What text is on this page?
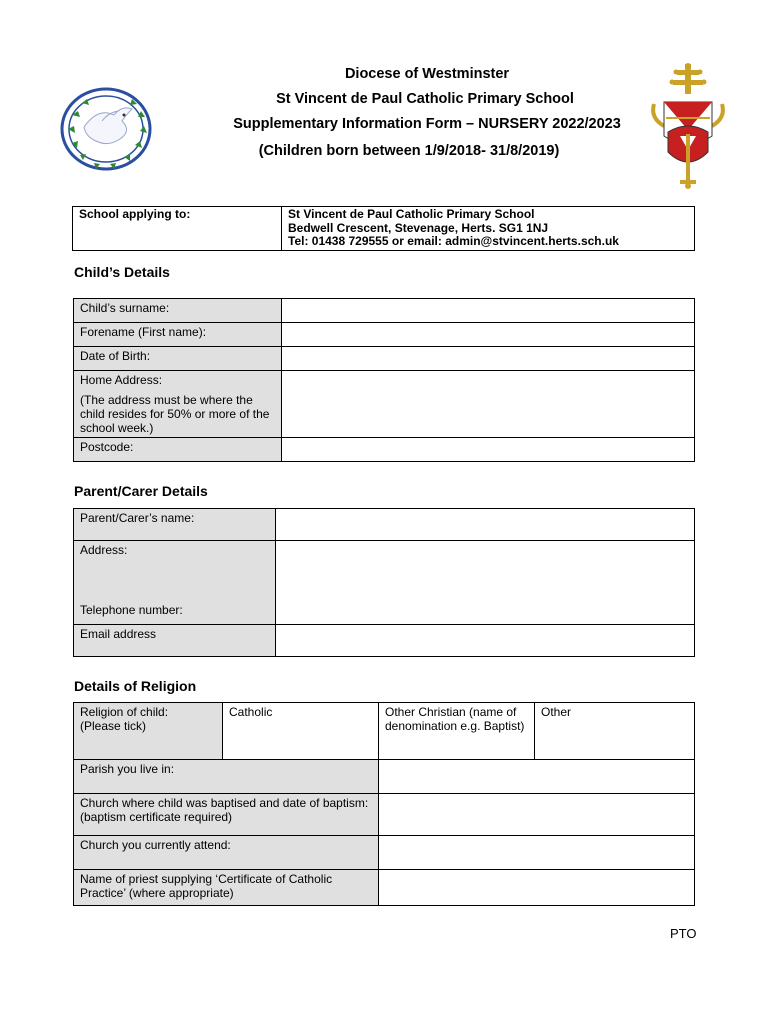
Diocese of Westminster
St Vincent de Paul Catholic Primary School
Supplementary Information Form – NURSERY 2022/2023
(Children born between 1/9/2018- 31/8/2019)
School applying to:	St Vincent de Paul Catholic Primary School
Bedwell Crescent, Stevenage, Herts. SG1 1NJ
Tel: 01438 729555 or email: admin@stvincent.herts.sch.uk
Child’s Details
Child’s surname:	
Forename (First name):	
Date of Birth:	

Home Address:
(The address must be where the child resides for 50% or more of the school week.)	

Postcode:	
Parent/Carer Details
Parent/Carer’s name:	

Address:
Telephone number:	

Email address	
Details of Religion
Religion of child:
(Please tick)	Catholic	Other Christian (name of denomination e.g. Baptist)	Other
Parish you live in:			
Church where child was baptised and date of baptism: (baptism certificate required)			
Church you currently attend:			
Name of priest supplying ‘Certificate of Catholic Practice’ (where appropriate)			
PTO
